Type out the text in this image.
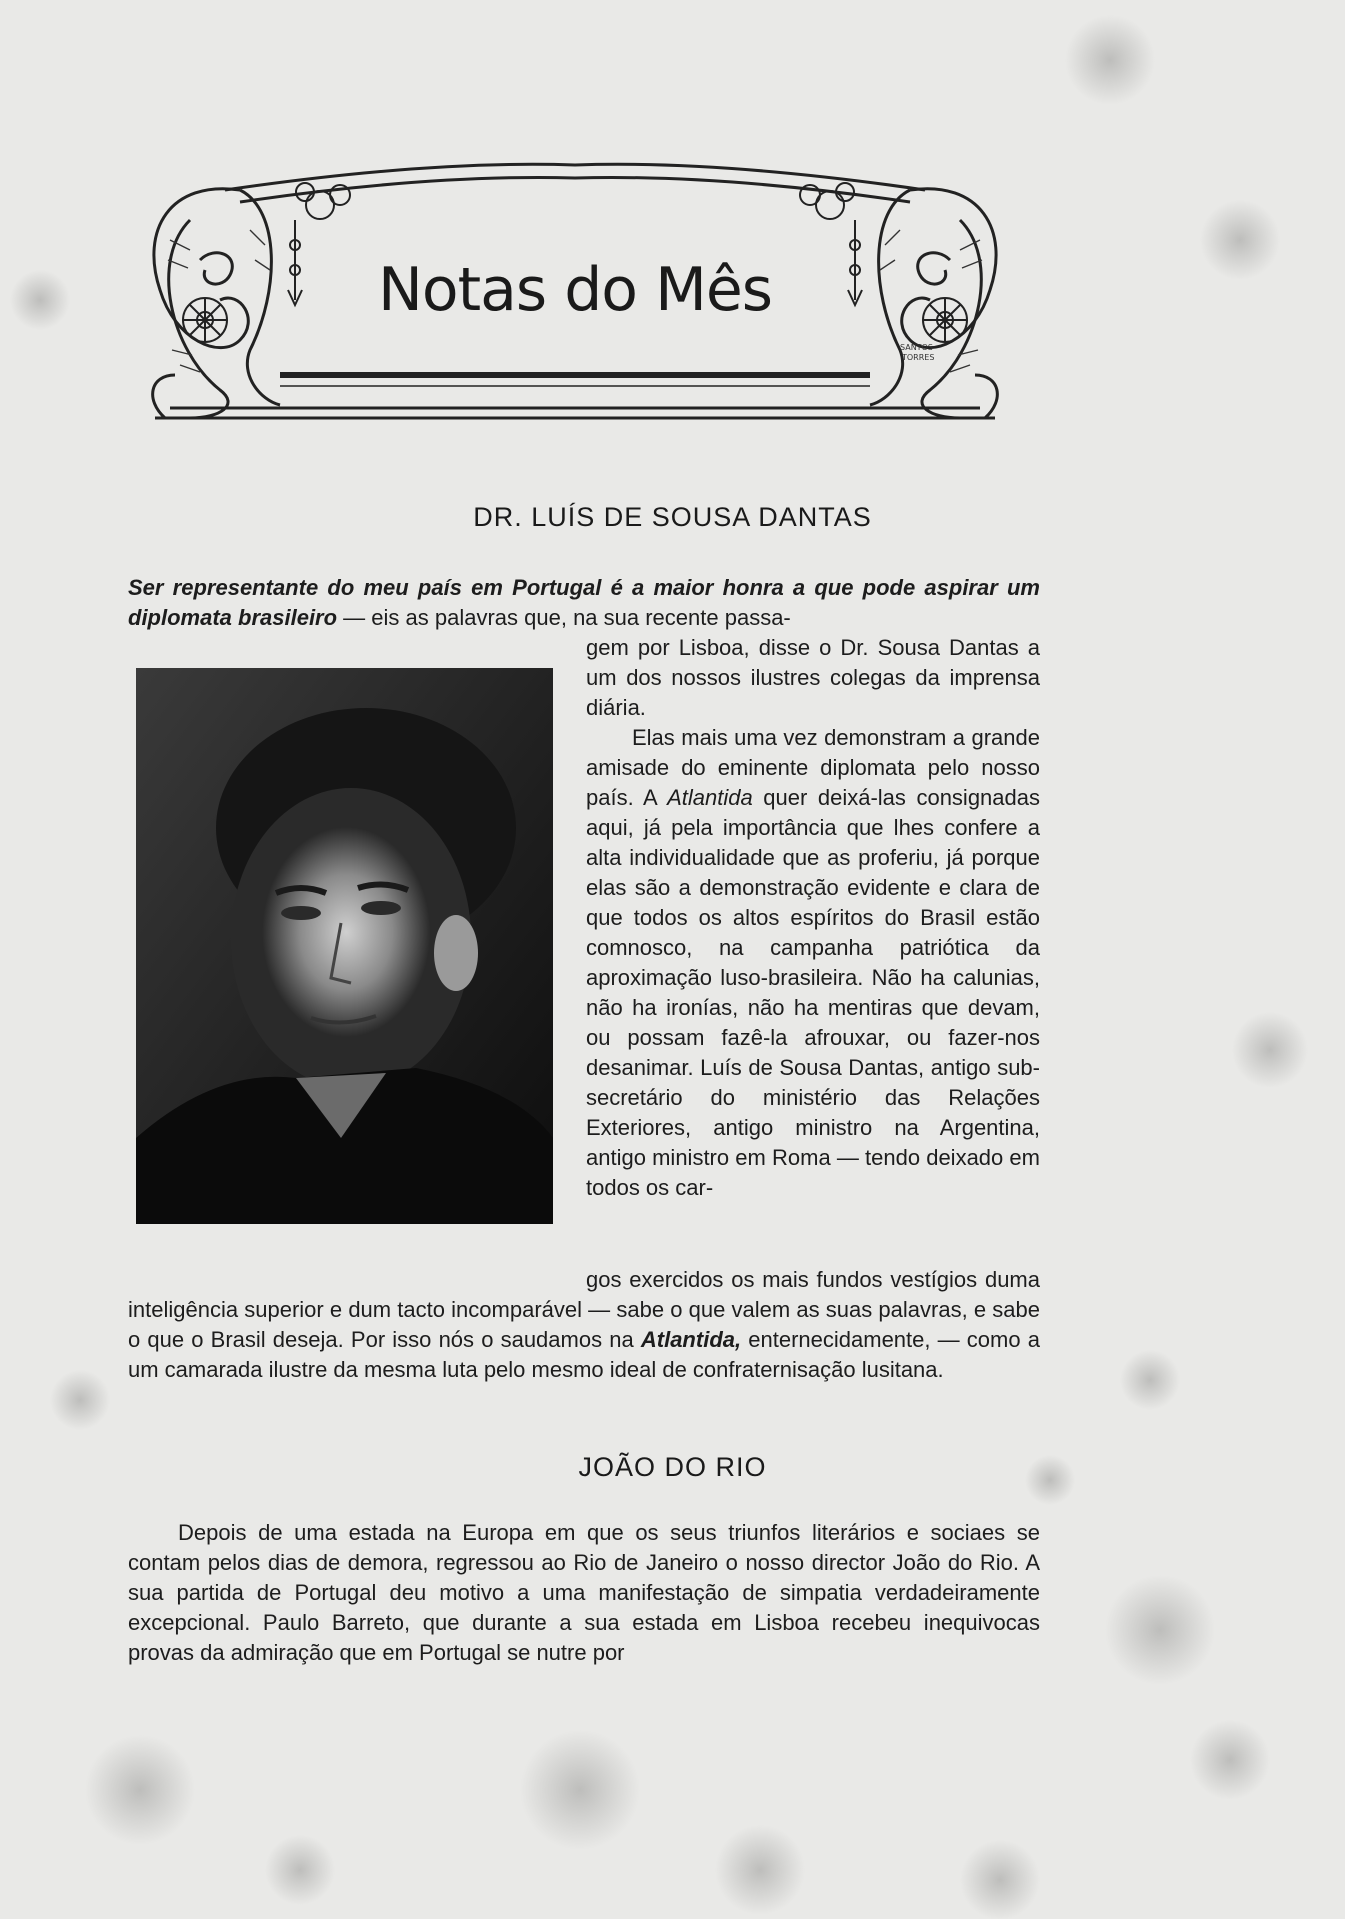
SANTOS
TORRES
Notas do Mês
DR. LUÍS DE SOUSA DANTAS
Ser representante do meu país em Portugal é a maior honra a que pode aspirar um diplomata brasileiro — eis as palavras que, na sua recente passa-

gem por Lisboa, disse o Dr. Sousa Dantas a um dos nossos ilustres colegas da imprensa diária.

Elas mais uma vez demonstram a grande amisade do eminente diplomata pelo nosso país. A Atlantida quer deixá-las consignadas aqui, já pela importância que lhes confere a alta individualidade que as proferiu, já porque elas são a demonstração evidente e clara de que todos os altos espíritos do Brasil estão comnosco, na campanha patriótica da aproximação luso-brasileira. Não ha calunias, não ha ironías, não ha mentiras que devam, ou possam fazê-la afrouxar, ou fazer-nos desanimar. Luís de Sousa Dantas, antigo sub-secretário do ministério das Relações Exteriores, antigo ministro na Argentina, antigo ministro em Roma — tendo deixado em todos os car-

gos exercidos os mais fundos vestígios duma inteligência superior e dum tacto incomparável — sabe o que valem as suas palavras, e sabe o que o Brasil deseja. Por isso nós o saudamos na Atlantida, enternecidamente, — como a um camarada ilustre da mesma luta pelo mesmo ideal de confraternisação lusitana.

JOÃO DO RIO

Depois de uma estada na Europa em que os seus triunfos literários e sociaes se contam pelos dias de demora, regressou ao Rio de Janeiro o nosso director João do Rio. A sua partida de Portugal deu motivo a uma manifestação de simpatia verdadeiramente excepcional. Paulo Barreto, que durante a sua estada em Lisboa recebeu inequivocas provas da admiração que em Portugal se nutre por
